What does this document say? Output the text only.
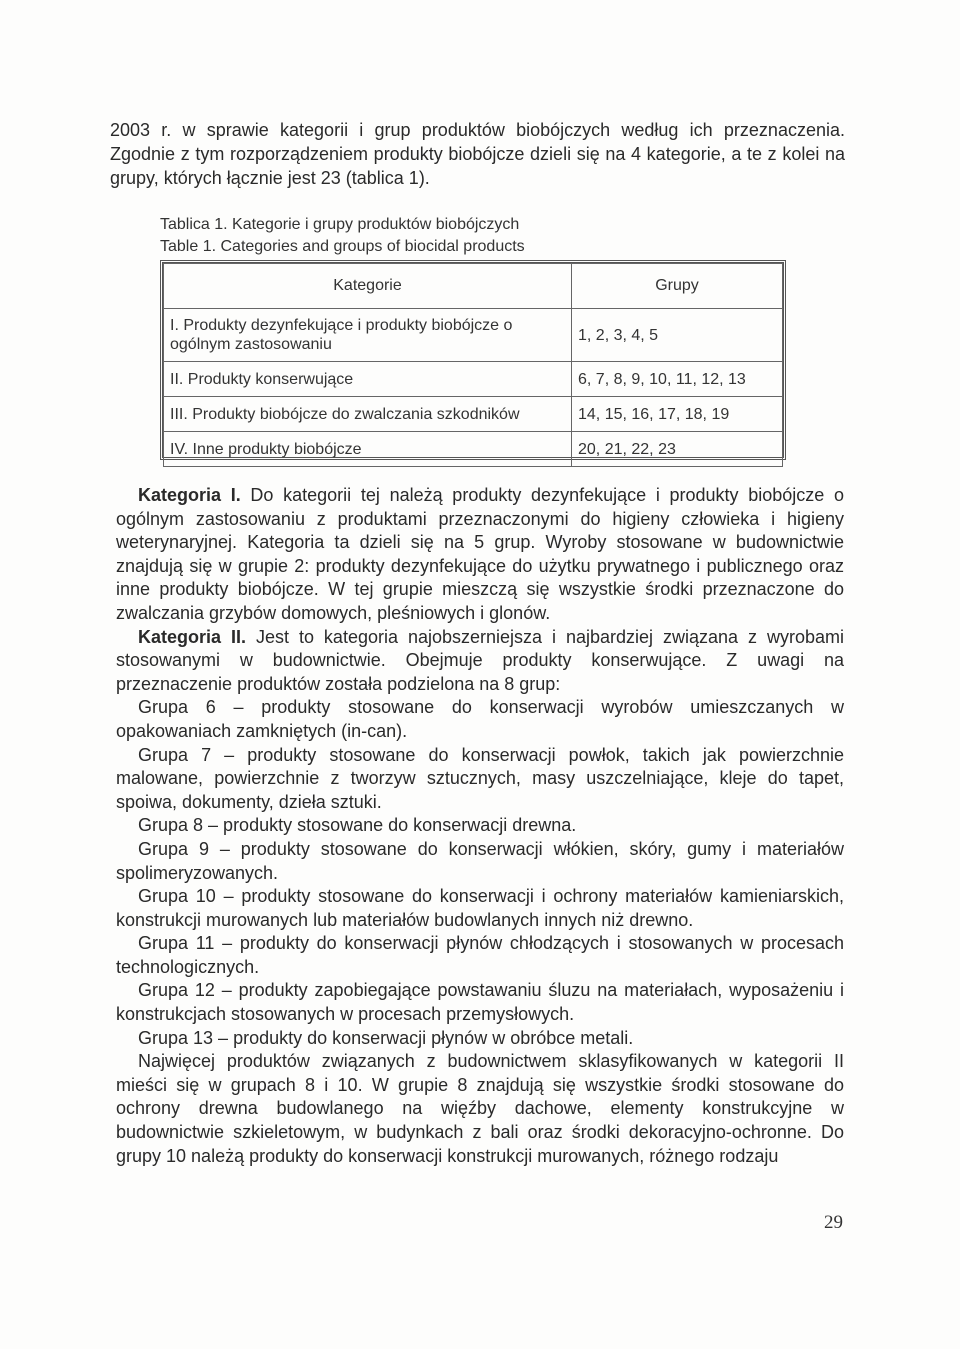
2003 r. w sprawie kategorii i grup produktów biobójczych według ich przeznaczenia. Zgodnie z tym rozporządzeniem produkty biobójcze dzieli się na 4 kategorie, a te z kolei na grupy, których łącznie jest 23 (tablica 1).

Tablica 1. Kategorie i grupy produktów biobójczych
Table 1. Categories and groups of biocidal products
Kategorie	Grupy
I. Produkty dezynfekujące i produkty biobójcze o ogólnym zastosowaniu	1, 2, 3, 4, 5
II. Produkty konserwujące	6, 7, 8, 9, 10, 11, 12, 13
III. Produkty biobójcze do zwalczania szkodników	14, 15, 16, 17, 18, 19
IV. Inne produkty biobójcze	20, 21, 22, 23

Kategoria I. Do kategorii tej należą produkty dezynfekujące i produkty biobójcze o ogólnym zastosowaniu z produktami przeznaczonymi do higieny człowieka i higieny weterynaryjnej. Kategoria ta dzieli się na 5 grup. Wyroby stosowane w budownictwie znajdują się w grupie 2: produkty dezynfekujące do użytku prywatnego i publicznego oraz inne produkty biobójcze. W tej grupie mieszczą się wszystkie środki przeznaczone do zwalczania grzybów domowych, pleśniowych i glonów.

Kategoria II. Jest to kategoria najobszerniejsza i najbardziej związana z wyrobami stosowanymi w budownictwie. Obejmuje produkty konserwujące. Z uwagi na przeznaczenie produktów została podzielona na 8 grup:

Grupa 6 – produkty stosowane do konserwacji wyrobów umieszczanych w opakowaniach zamkniętych (in-can).

Grupa 7 – produkty stosowane do konserwacji powłok, takich jak powierzchnie malowane, powierzchnie z tworzyw sztucznych, masy uszczelniające, kleje do tapet, spoiwa, dokumenty, dzieła sztuki.

Grupa 8 – produkty stosowane do konserwacji drewna.

Grupa 9 – produkty stosowane do konserwacji włókien, skóry, gumy i materiałów spolimeryzowanych.

Grupa 10 – produkty stosowane do konserwacji i ochrony materiałów kamieniarskich, konstrukcji murowanych lub materiałów budowlanych innych niż drewno.

Grupa 11 – produkty do konserwacji płynów chłodzących i stosowanych w procesach technologicznych.

Grupa 12 – produkty zapobiegające powstawaniu śluzu na materiałach, wyposażeniu i konstrukcjach stosowanych w procesach przemysłowych.

Grupa 13 – produkty do konserwacji płynów w obróbce metali.

Najwięcej produktów związanych z budownictwem sklasyfikowanych w kategorii II mieści się w grupach 8 i 10. W grupie 8 znajdują się wszystkie środki stosowane do ochrony drewna budowlanego na więźby dachowe, elementy konstrukcyjne w budownictwie szkieletowym, w budynkach z bali oraz środki dekoracyjno-ochronne. Do grupy 10 należą produkty do konserwacji konstrukcji murowanych, różnego rodzaju

29
